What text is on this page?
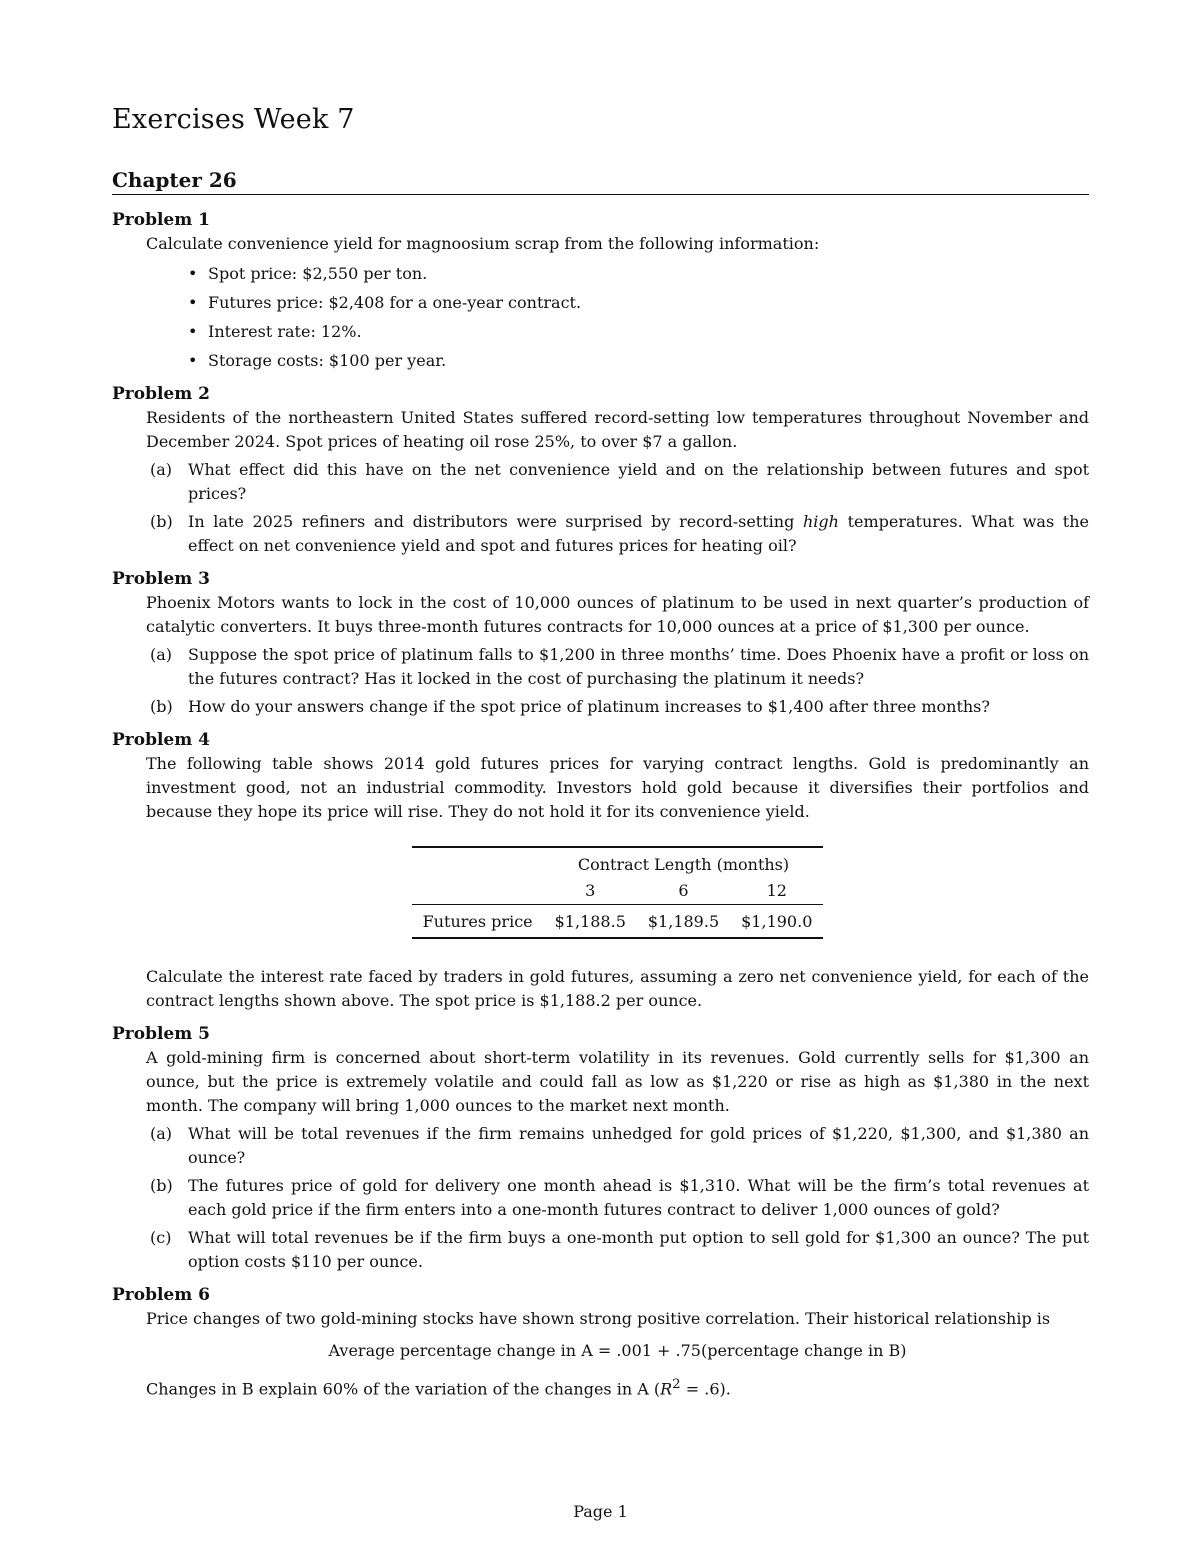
Exercises Week 7
Chapter 26
Problem 1

Calculate convenience yield for magnoosium scrap from the following information:

• Spot price: $2,550 per ton.
• Futures price: $2,408 for a one-year contract.
• Interest rate: 12%.
• Storage costs: $100 per year.
Problem 2

Residents of the northeastern United States suffered record-setting low temperatures throughout November and December 2024. Spot prices of heating oil rose 25%, to over $7 a gallon.

(a) What effect did this have on the net convenience yield and on the relationship between futures and spot prices?
(b) In late 2025 refiners and distributors were surprised by record-setting high temperatures. What was the effect on net convenience yield and spot and futures prices for heating oil?
Problem 3

Phoenix Motors wants to lock in the cost of 10,000 ounces of platinum to be used in next quarter’s production of catalytic converters. It buys three-month futures contracts for 10,000 ounces at a price of $1,300 per ounce.

(a) Suppose the spot price of platinum falls to $1,200 in three months’ time. Does Phoenix have a profit or loss on the futures contract? Has it locked in the cost of purchasing the platinum it needs?
(b) How do your answers change if the spot price of platinum increases to $1,400 after three months?
Problem 4

The following table shows 2014 gold futures prices for varying contract lengths. Gold is predominantly an investment good, not an industrial commodity. Investors hold gold because it diversifies their portfolios and because they hope its price will rise. They do not hold it for its convenience yield.

	Contract Length (months)		
	3	6	12
Futures price	$1,188.5	$1,189.5	$1,190.0

Calculate the interest rate faced by traders in gold futures, assuming a zero net convenience yield, for each of the contract lengths shown above. The spot price is $1,188.2 per ounce.

Problem 5

A gold-mining firm is concerned about short-term volatility in its revenues. Gold currently sells for $1,300 an ounce, but the price is extremely volatile and could fall as low as $1,220 or rise as high as $1,380 in the next month. The company will bring 1,000 ounces to the market next month.

(a) What will be total revenues if the firm remains unhedged for gold prices of $1,220, $1,300, and $1,380 an ounce?
(b) The futures price of gold for delivery one month ahead is $1,310. What will be the firm’s total revenues at each gold price if the firm enters into a one-month futures contract to deliver 1,000 ounces of gold?
(c)	What will total revenues be if the firm buys a one-month put option to sell gold for $1,300 an ounce? The put option costs $110 per ounce.
Problem 6

Price changes of two gold-mining stocks have shown strong positive correlation. Their historical relationship is

Average percentage change in A = .001 + .75(percentage change in B)

Changes in B explain 60% of the variation of the changes in A $(R^2 = .6)$.

Page 1
